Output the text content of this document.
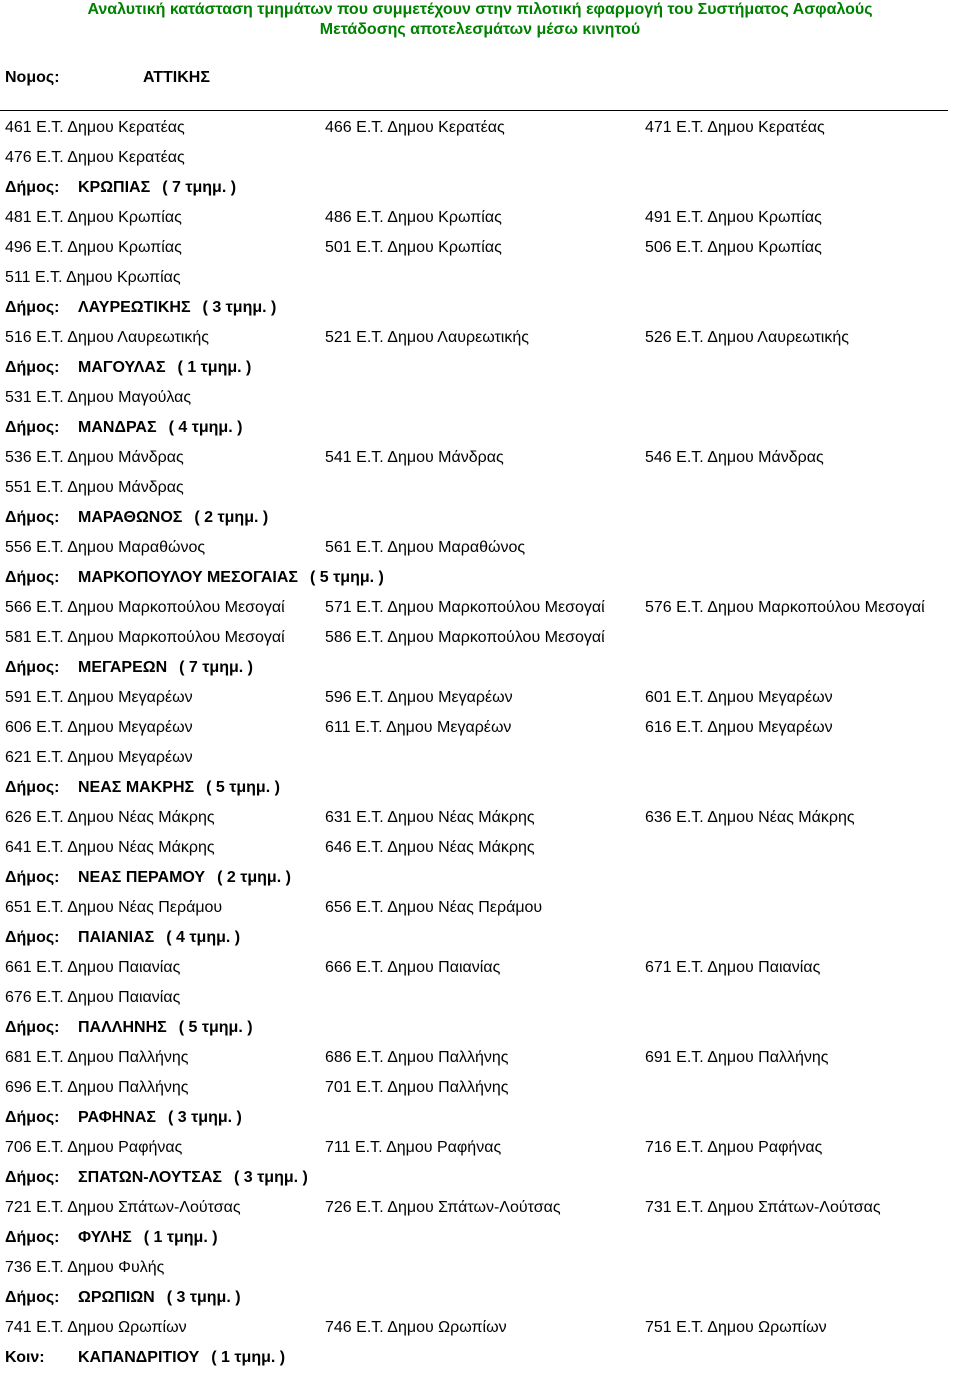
Αναλυτική κατάσταση τμημάτων που συμμετέχουν στην πιλοτική εφαρμογή του Συστήματος Ασφαλούς
Μετάδοσης αποτελεσμάτων μέσω κινητού
Νομος:	ΑΤΤΙΚΗΣ
461 Ε.Τ. Δημου Κερατέας	466 Ε.Τ. Δημου Κερατέας	471 Ε.Τ. Δημου Κερατέας
476 Ε.Τ. Δημου Κερατέας
Δήμος: ΚΡΩΠΙΑΣ ( 7 τμημ. )
481 Ε.Τ. Δημου Κρωπίας	486 Ε.Τ. Δημου Κρωπίας	491 Ε.Τ. Δημου Κρωπίας
496 Ε.Τ. Δημου Κρωπίας	501 Ε.Τ. Δημου Κρωπίας	506 Ε.Τ. Δημου Κρωπίας
511 Ε.Τ. Δημου Κρωπίας
Δήμος: ΛΑΥΡΕΩΤΙΚΗΣ ( 3 τμημ. )
516 Ε.Τ. Δημου Λαυρεωτικής	521 Ε.Τ. Δημου Λαυρεωτικής	526 Ε.Τ. Δημου Λαυρεωτικής
Δήμος: ΜΑΓΟΥΛΑΣ ( 1 τμημ. )
531 Ε.Τ. Δημου Μαγούλας
Δήμος: ΜΑΝΔΡΑΣ ( 4 τμημ. )
536 Ε.Τ. Δημου Μάνδρας	541 Ε.Τ. Δημου Μάνδρας	546 Ε.Τ. Δημου Μάνδρας
551 Ε.Τ. Δημου Μάνδρας
Δήμος: ΜΑΡΑΘΩΝΟΣ ( 2 τμημ. )
556 Ε.Τ. Δημου Μαραθώνος	561 Ε.Τ. Δημου Μαραθώνος
Δήμος: ΜΑΡΚΟΠΟΥΛΟΥ ΜΕΣΟΓΑΙΑΣ ( 5 τμημ. )
566 Ε.Τ. Δημου Μαρκοπούλου Μεσογαί	571 Ε.Τ. Δημου Μαρκοπούλου Μεσογαί	576 Ε.Τ. Δημου Μαρκοπούλου Μεσογαί
581 Ε.Τ. Δημου Μαρκοπούλου Μεσογαί	586 Ε.Τ. Δημου Μαρκοπούλου Μεσογαί
Δήμος: ΜΕΓΑΡΕΩΝ ( 7 τμημ. )
591 Ε.Τ. Δημου Μεγαρέων	596 Ε.Τ. Δημου Μεγαρέων	601 Ε.Τ. Δημου Μεγαρέων
606 Ε.Τ. Δημου Μεγαρέων	611 Ε.Τ. Δημου Μεγαρέων	616 Ε.Τ. Δημου Μεγαρέων
621 Ε.Τ. Δημου Μεγαρέων
Δήμος: ΝΕΑΣ ΜΑΚΡΗΣ ( 5 τμημ. )
626 Ε.Τ. Δημου Νέας Μάκρης	631 Ε.Τ. Δημου Νέας Μάκρης	636 Ε.Τ. Δημου Νέας Μάκρης
641 Ε.Τ. Δημου Νέας Μάκρης	646 Ε.Τ. Δημου Νέας Μάκρης
Δήμος: ΝΕΑΣ ΠΕΡΑΜΟΥ ( 2 τμημ. )
651 Ε.Τ. Δημου Νέας Περάμου	656 Ε.Τ. Δημου Νέας Περάμου
Δήμος: ΠΑΙΑΝΙΑΣ ( 4 τμημ. )
661 Ε.Τ. Δημου Παιανίας	666 Ε.Τ. Δημου Παιανίας	671 Ε.Τ. Δημου Παιανίας
676 Ε.Τ. Δημου Παιανίας
Δήμος: ΠΑΛΛΗΝΗΣ ( 5 τμημ. )
681 Ε.Τ. Δημου Παλλήνης	686 Ε.Τ. Δημου Παλλήνης	691 Ε.Τ. Δημου Παλλήνης
696 Ε.Τ. Δημου Παλλήνης	701 Ε.Τ. Δημου Παλλήνης
Δήμος: ΡΑΦΗΝΑΣ ( 3 τμημ. )
706 Ε.Τ. Δημου Ραφήνας	711 Ε.Τ. Δημου Ραφήνας	716 Ε.Τ. Δημου Ραφήνας
Δήμος: ΣΠΑΤΩΝ-ΛΟΥΤΣΑΣ ( 3 τμημ. )
721 Ε.Τ. Δημου Σπάτων-Λούτσας	726 Ε.Τ. Δημου Σπάτων-Λούτσας	731 Ε.Τ. Δημου Σπάτων-Λούτσας
Δήμος: ΦΥΛΗΣ ( 1 τμημ. )
736 Ε.Τ. Δημου Φυλής
Δήμος: ΩΡΩΠΙΩΝ ( 3 τμημ. )
741 Ε.Τ. Δημου Ωρωπίων	746 Ε.Τ. Δημου Ωρωπίων	751 Ε.Τ. Δημου Ωρωπίων
Κοιν: ΚΑΠΑΝΔΡΙΤΙΟΥ ( 1 τμημ. )
